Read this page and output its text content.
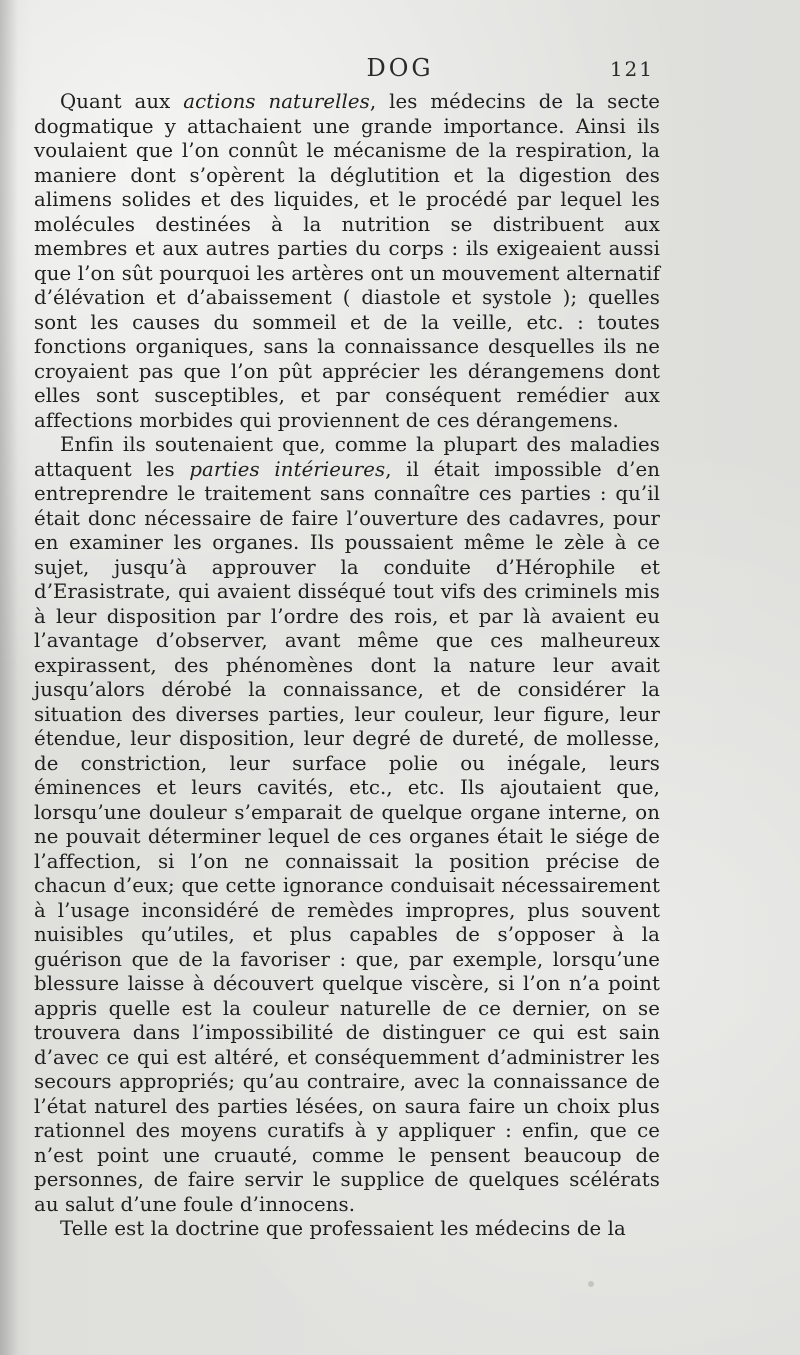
DOG	121

Quant aux actions naturelles, les médecins de la secte dogmatique y attachaient une grande importance. Ainsi ils voulaient que l’on connût le mécanisme de la respiration, la maniere dont s’opèrent la déglutition et la digestion des alimens solides et des liquides, et le procédé par lequel les molécules destinées à la nutrition se distribuent aux membres et aux autres parties du corps : ils exigeaient aussi que l’on sût pourquoi les artères ont un mouvement alternatif d’élévation et d’abaissement ( diastole et systole ); quelles sont les causes du sommeil et de la veille, etc. : toutes fonctions organiques, sans la connaissance desquelles ils ne croyaient pas que l’on pût apprécier les dérangemens dont elles sont susceptibles, et par conséquent remédier aux affections morbides qui proviennent de ces dérangemens.

Enfin ils soutenaient que, comme la plupart des maladies attaquent les parties intérieures, il était impossible d’en entreprendre le traitement sans connaître ces parties : qu’il était donc nécessaire de faire l’ouverture des cadavres, pour en examiner les organes. Ils poussaient même le zèle à ce sujet, jusqu’à approuver la conduite d’Hérophile et d’Erasistrate, qui avaient disséqué tout vifs des criminels mis à leur disposition par l’ordre des rois, et par là avaient eu l’avantage d’observer, avant même que ces malheureux expirassent, des phénomènes dont la nature leur avait jusqu’alors dérobé la connaissance, et de considérer la situation des diverses parties, leur couleur, leur figure, leur étendue, leur disposition, leur degré de dureté, de mollesse, de constriction, leur surface polie ou inégale, leurs éminences et leurs cavités, etc., etc. Ils ajoutaient que, lorsqu’une douleur s’emparait de quelque organe interne, on ne pouvait déterminer lequel de ces organes était le siége de l’affection, si l’on ne connaissait la position précise de chacun d’eux; que cette ignorance conduisait nécessairement à l’usage inconsidéré de remèdes impropres, plus souvent nuisibles qu’utiles, et plus capables de s’opposer à la guérison que de la favoriser : que, par exemple, lorsqu’une blessure laisse à découvert quelque viscère, si l’on n’a point appris quelle est la couleur naturelle de ce dernier, on se trouvera dans l’impossibilité de distinguer ce qui est sain d’avec ce qui est altéré, et conséquemment d’administrer les secours appropriés; qu’au contraire, avec la connaissance de l’état naturel des parties lésées, on saura faire un choix plus rationnel des moyens curatifs à y appliquer : enfin, que ce n’est point une cruauté, comme le pensent beaucoup de personnes, de faire servir le supplice de quelques scélérats au salut d’une foule d’innocens.

Telle est la doctrine que professaient les médecins de la
